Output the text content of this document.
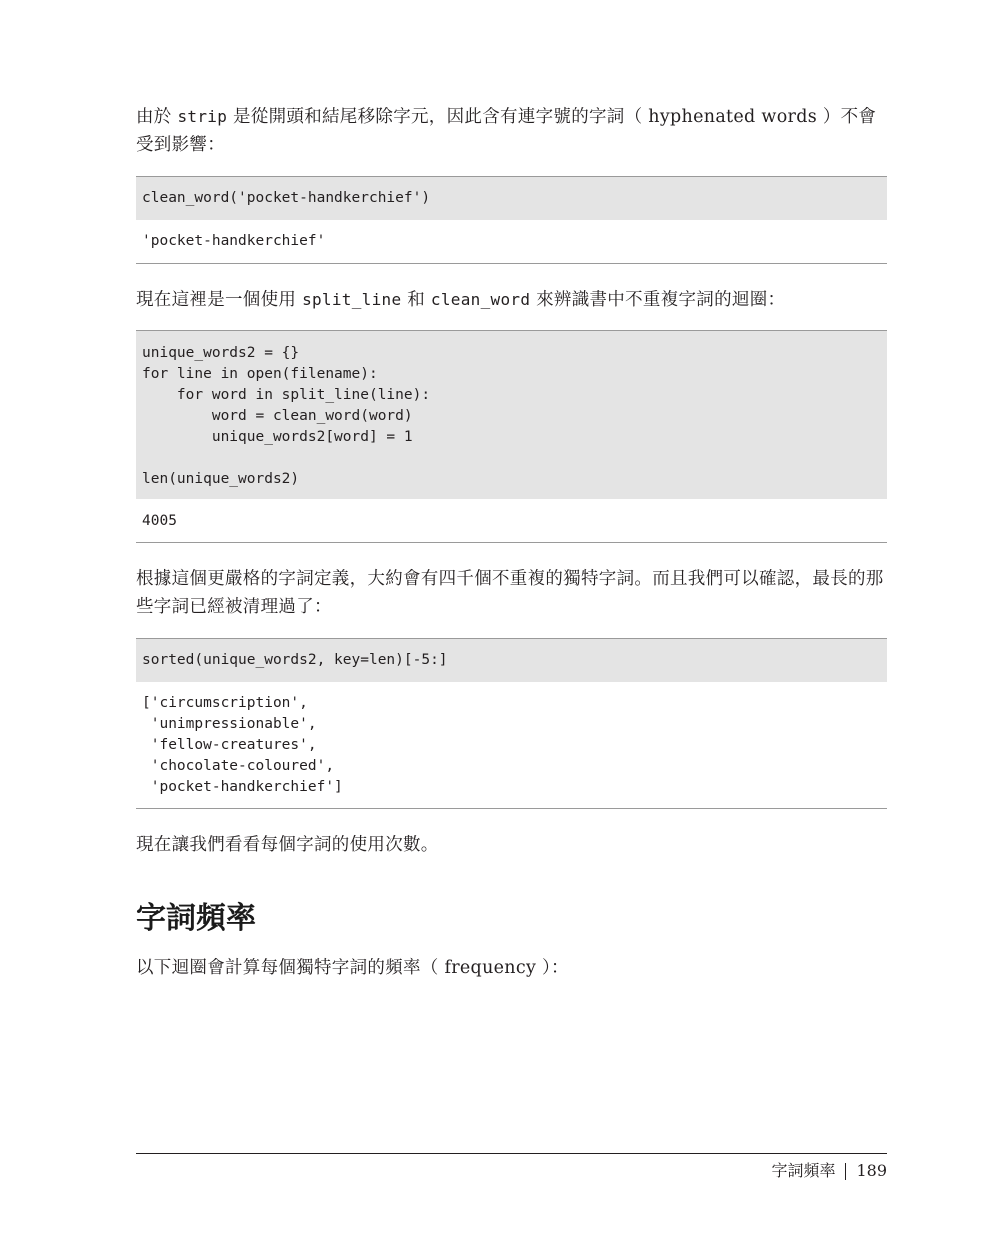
由於 strip 是從開頭和結尾移除字元，因此含有連字號的字詞（ hyphenated words ）不會受到影響：

clean_word('pocket-handkerchief')
'pocket-handkerchief'

現在這裡是一個使用 split_line 和 clean_word 來辨識書中不重複字詞的迴圈：

unique_words2 = {}
for line in open(filename):
for word in split_line(line):
word = clean_word(word)
unique_words2[word] = 1

len(unique_words2)
4005

根據這個更嚴格的字詞定義，大約會有四千個不重複的獨特字詞。而且我們可以確認，最長的那些字詞已經被清理過了：

sorted(unique_words2, key=len)[-5:]
['circumscription',
'unimpressionable',
'fellow-creatures',
'chocolate-coloured',
'pocket-handkerchief']

現在讓我們看看每個字詞的使用次數。

字詞頻率

以下迴圈會計算每個獨特字詞的頻率（ frequency ）：

字詞頻率 189
